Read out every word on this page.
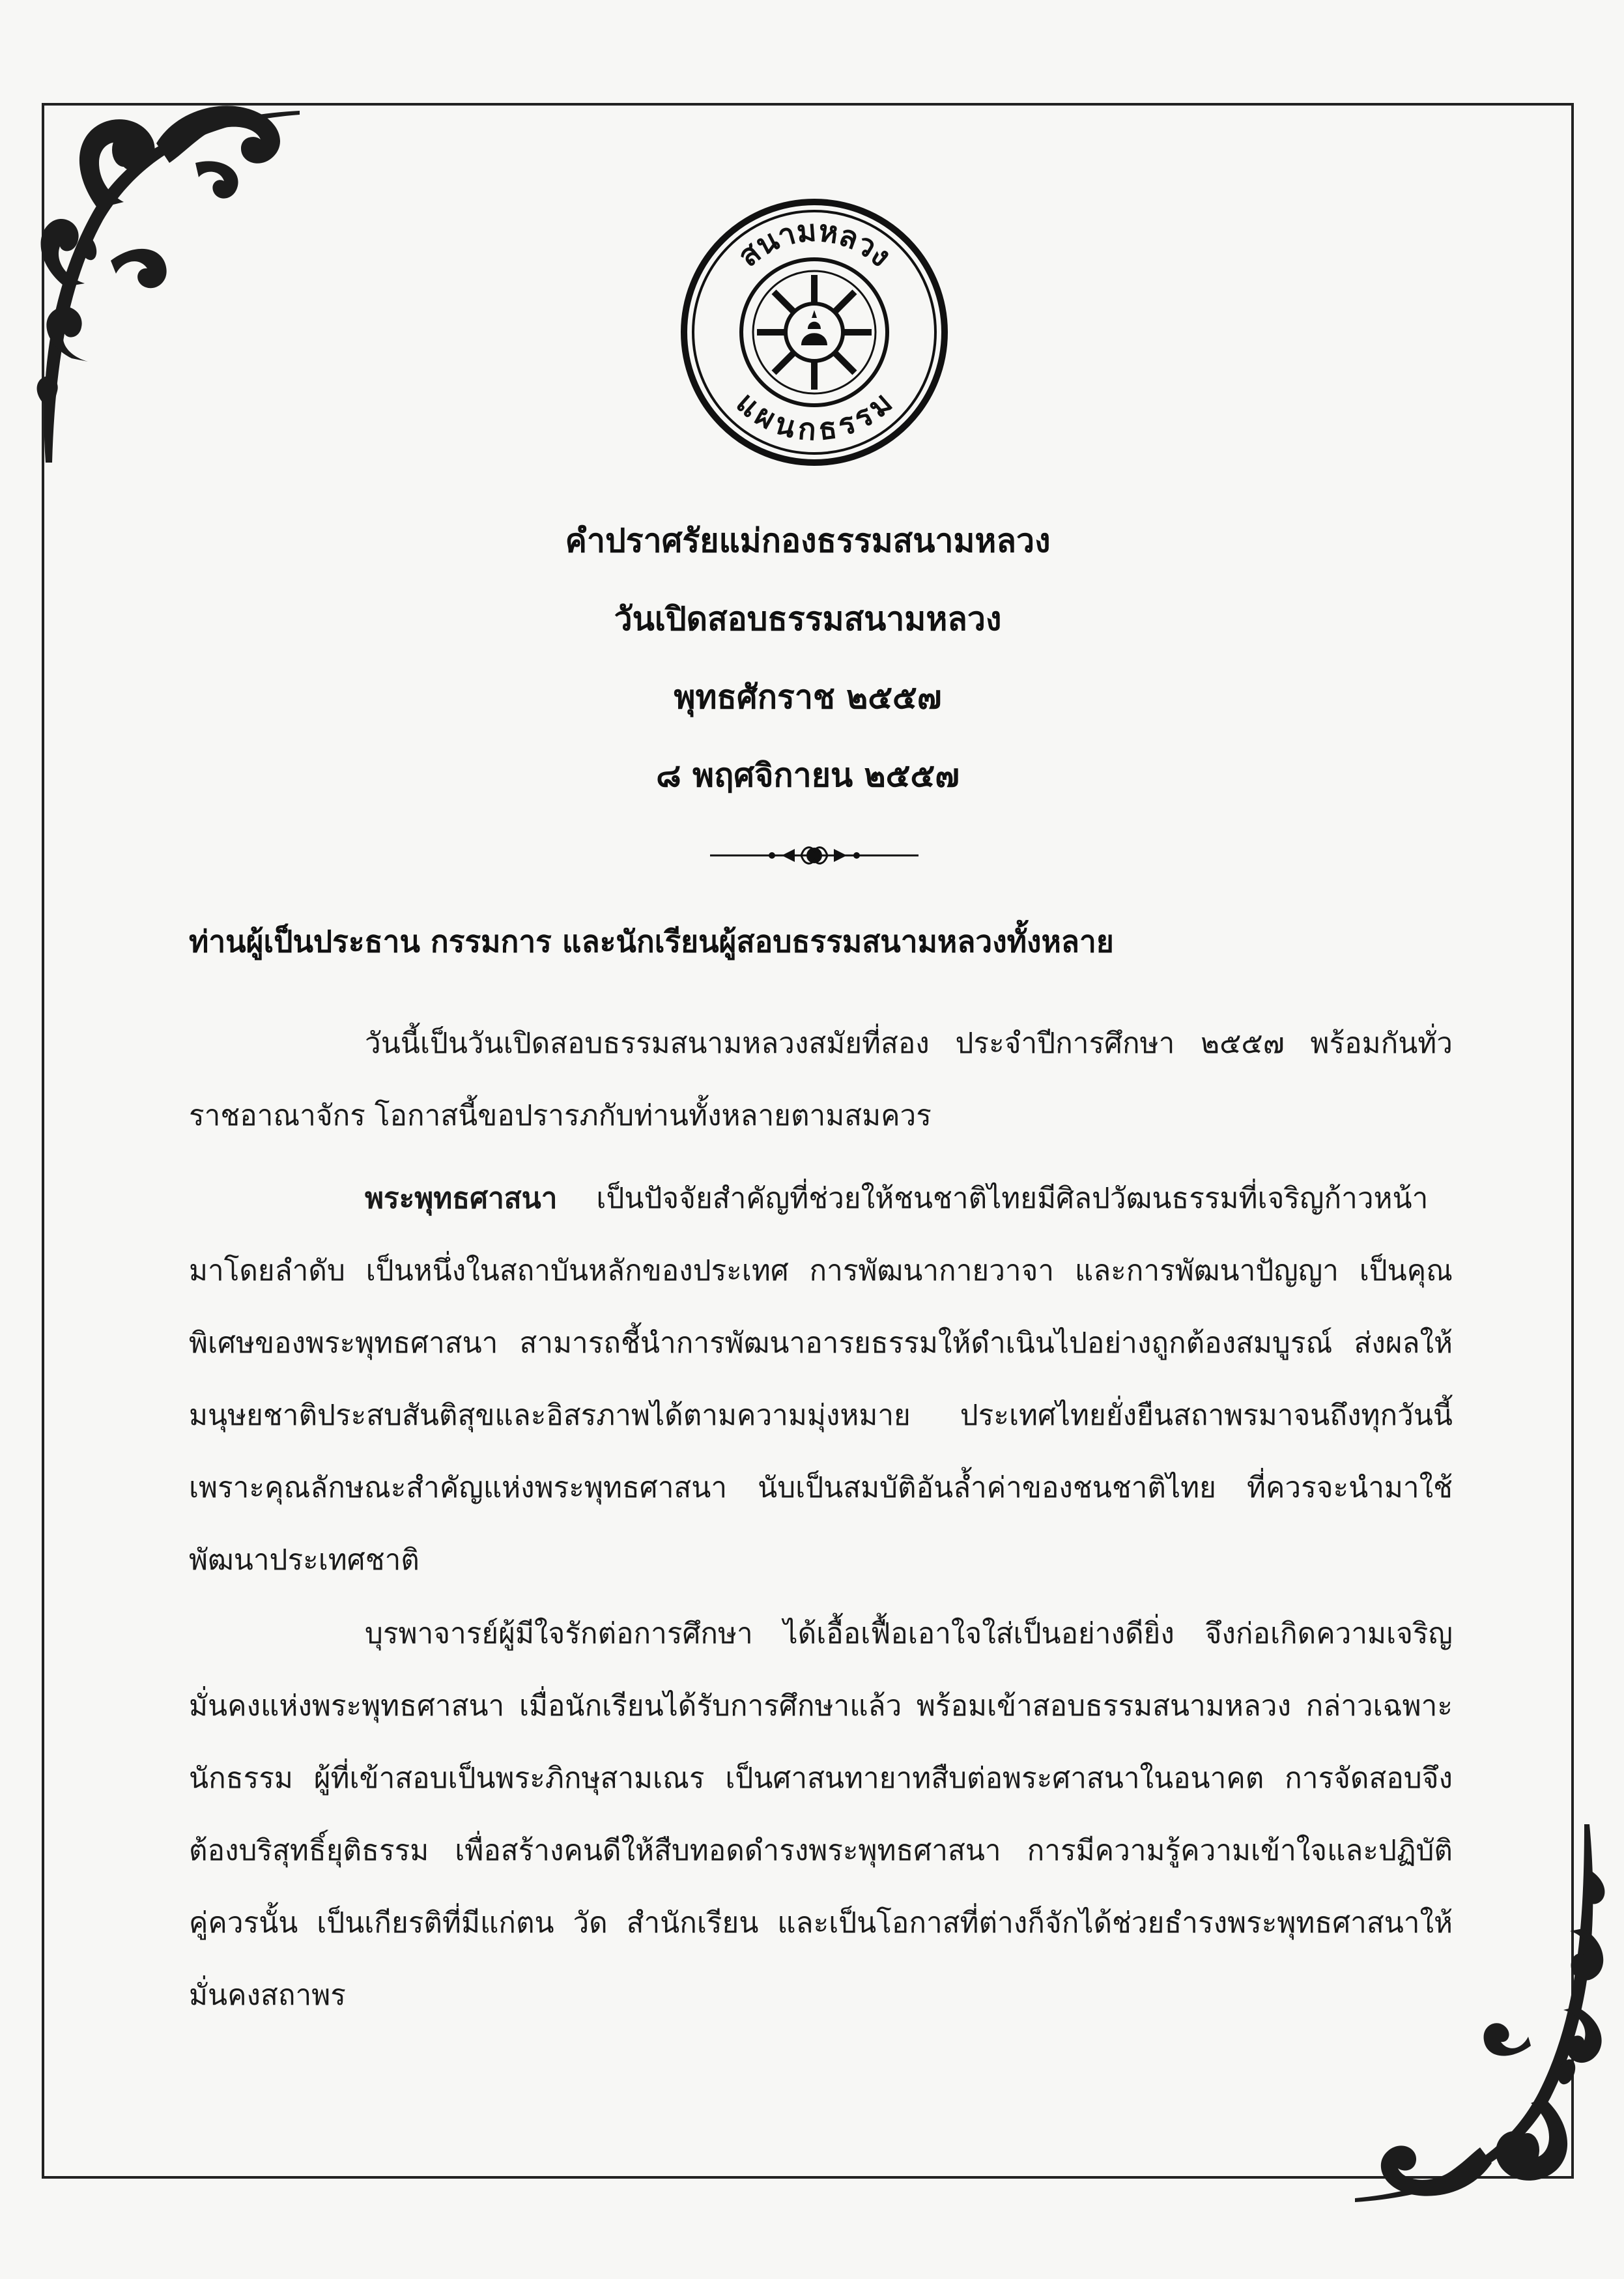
สนามหลวง
แผนกธรรม
คำปราศรัยแม่กองธรรมสนามหลวง
วันเปิดสอบธรรมสนามหลวง
พุทธศักราช ๒๕๕๗
๘ พฤศจิกายน ๒๕๕๗
ท่านผู้เป็นประธาน กรรมการ และนักเรียนผู้สอบธรรมสนามหลวงทั้งหลาย

วันนี้เป็นวันเปิดสอบธรรมสนามหลวงสมัยที่สอง ประจำปีการศึกษา ๒๕๕๗ พร้อมกันทั่วราชอาณาจักร โอกาสนี้ขอปรารภกับท่านทั้งหลายตามสมควร

พระพุทธศาสนา เป็นปัจจัยสำคัญที่ช่วยให้ชนชาติไทยมีศิลปวัฒนธรรมที่เจริญก้าวหน้ามาโดยลำดับ เป็นหนึ่งในสถาบันหลักของประเทศ การพัฒนากายวาจา และการพัฒนาปัญญา เป็นคุณพิเศษของพระพุทธศาสนา สามารถชี้นำการพัฒนาอารยธรรมให้ดำเนินไปอย่างถูกต้องสมบูรณ์ ส่งผลให้มนุษยชาติประสบสันติสุขและอิสรภาพได้ตามความมุ่งหมาย ประเทศไทยยั่งยืนสถาพรมาจนถึงทุกวันนี้ เพราะคุณลักษณะสำคัญแห่งพระพุทธศาสนา นับเป็นสมบัติอันล้ำค่าของชนชาติไทย ที่ควรจะนำมาใช้พัฒนาประเทศชาติ

บุรพาจารย์ผู้มีใจรักต่อการศึกษา ได้เอื้อเฟื้อเอาใจใส่เป็นอย่างดียิ่ง จึงก่อเกิดความเจริญมั่นคงแห่งพระพุทธศาสนา เมื่อนักเรียนได้รับการศึกษาแล้ว พร้อมเข้าสอบธรรมสนามหลวง กล่าวเฉพาะนักธรรม ผู้ที่เข้าสอบเป็นพระภิกษุสามเณร เป็นศาสนทายาทสืบต่อพระศาสนาในอนาคต การจัดสอบจึงต้องบริสุทธิ์ยุติธรรม เพื่อสร้างคนดีให้สืบทอดดำรงพระพุทธศาสนา การมีความรู้ความเข้าใจและปฏิบัติคู่ควรนั้น เป็นเกียรติที่มีแก่ตน วัด สำนักเรียน และเป็นโอกาสที่ต่างก็จักได้ช่วยธำรงพระพุทธศาสนาให้มั่นคงสถาพร
